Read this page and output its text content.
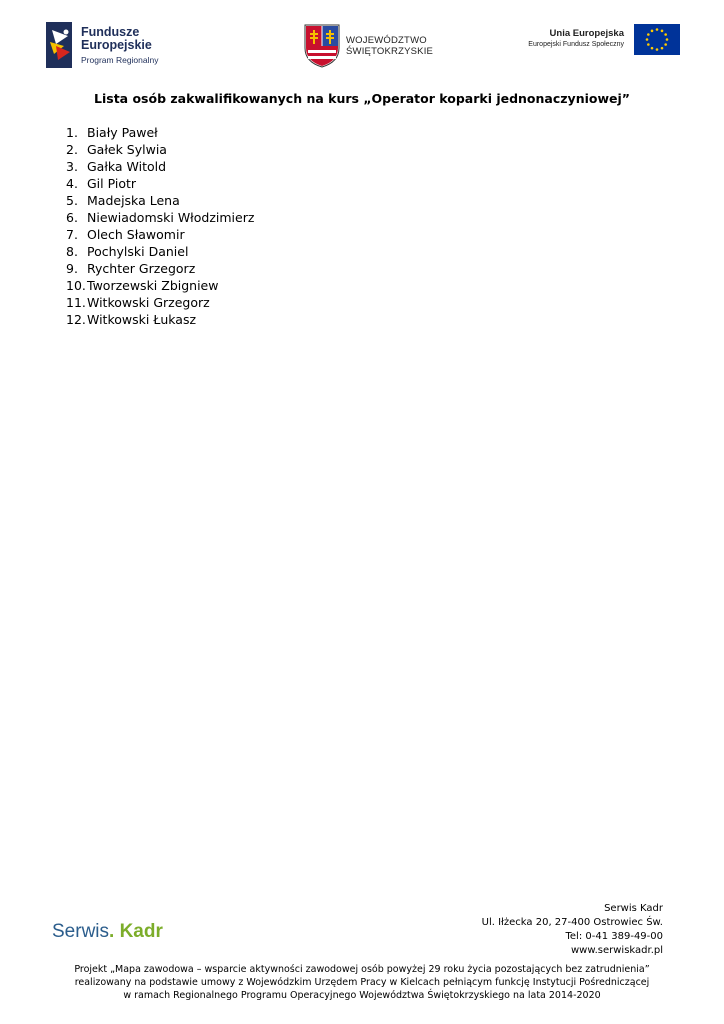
Fundusze
Europejskie
Program Regionalny
WOJEWÓDZTWO
ŚWIĘTOKRZYSKIE
Unia Europejska
Europejski Fundusz Społeczny
Lista osób zakwalifikowanych na kurs „Operator koparki jednonaczyniowej”
1. Biały Paweł
2. Gałek Sylwia
3. Gałka Witold
4. Gil Piotr
5. Madejska Lena
6. Niewiadomski Włodzimierz
7. Olech Sławomir
8. Pochylski Daniel
9. Rychter Grzegorz
10.Tworzewski Zbigniew
11.Witkowski Grzegorz
12.Witkowski Łukasz
Serwis. Kadr
Serwis Kadr
Ul. Iłżecka 20, 27-400 Ostrowiec Św.
Tel: 0-41 389-49-00
www.serwiskadr.pl
Projekt „Mapa zawodowa – wsparcie aktywności zawodowej osób powyżej 29 roku życia pozostających bez zatrudnienia”
realizowany na podstawie umowy z Wojewódzkim Urzędem Pracy w Kielcach pełniącym funkcję Instytucji Pośredniczącej
w ramach Regionalnego Programu Operacyjnego Województwa Świętokrzyskiego na lata 2014-2020
